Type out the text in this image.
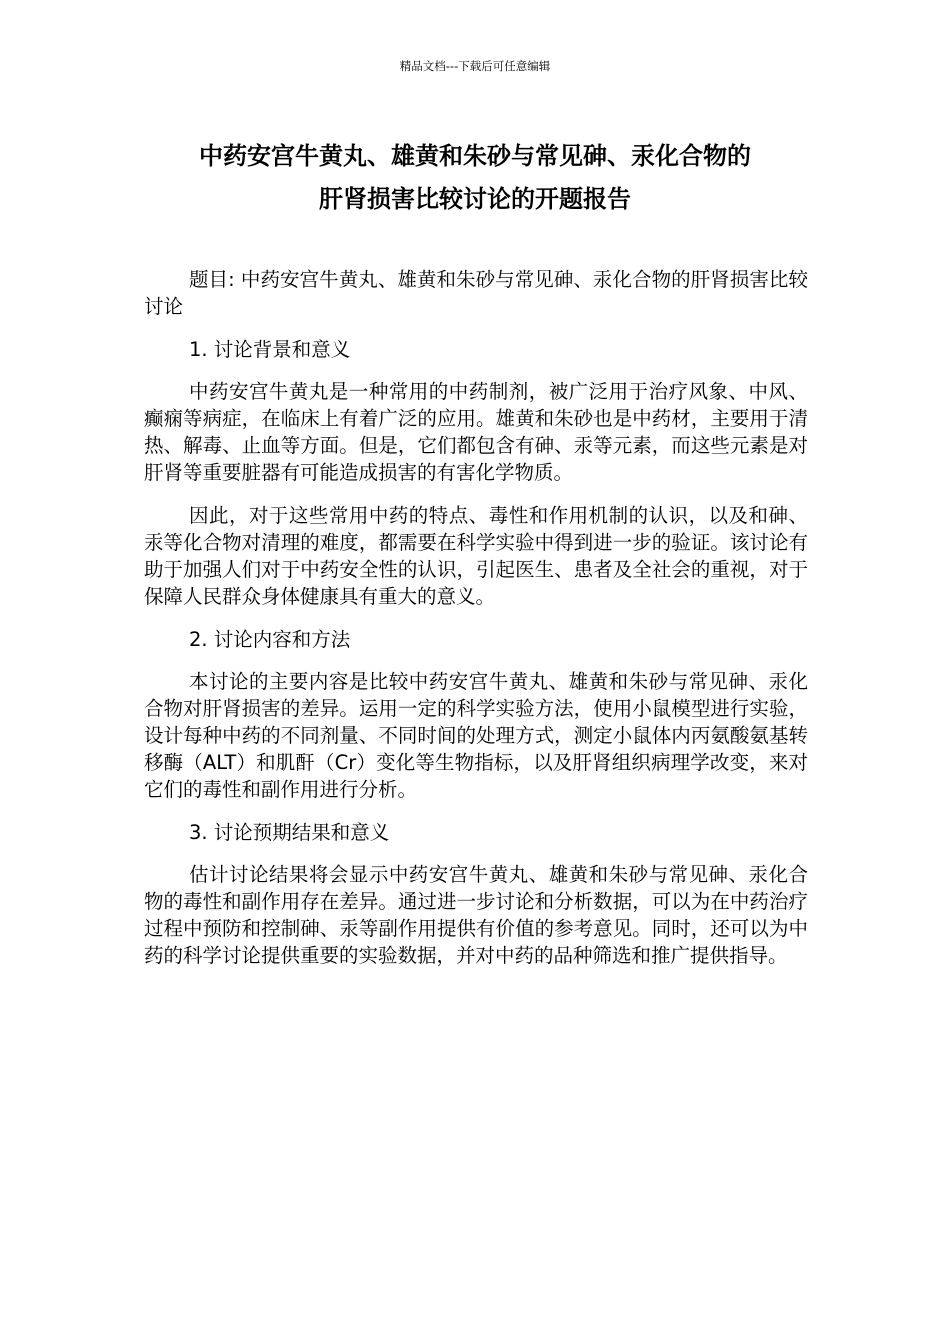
精品文档---下载后可任意编辑
中药安宫牛黄丸、雄黄和朱砂与常见砷、汞化合物的
肝肾损害比较讨论的开题报告

题目: 中药安宫牛黄丸、雄黄和朱砂与常见砷、汞化合物的肝肾损害比较讨论

1. 讨论背景和意义

中药安宫牛黄丸是一种常用的中药制剂，被广泛用于治疗风象、中风、癫痫等病症，在临床上有着广泛的应用。雄黄和朱砂也是中药材，主要用于清热、解毒、止血等方面。但是，它们都包含有砷、汞等元素，而这些元素是对肝肾等重要脏器有可能造成损害的有害化学物质。

因此，对于这些常用中药的特点、毒性和作用机制的认识，以及和砷、汞等化合物对清理的难度，都需要在科学实验中得到进一步的验证。该讨论有助于加强人们对于中药安全性的认识，引起医生、患者及全社会的重视，对于保障人民群众身体健康具有重大的意义。

2. 讨论内容和方法

本讨论的主要内容是比较中药安宫牛黄丸、雄黄和朱砂与常见砷、汞化合物对肝肾损害的差异。运用一定的科学实验方法，使用小鼠模型进行实验，设计每种中药的不同剂量、不同时间的处理方式，测定小鼠体内丙氨酸氨基转移酶（ALT）和肌酐（Cr）变化等生物指标，以及肝肾组织病理学改变，来对它们的毒性和副作用进行分析。

3. 讨论预期结果和意义

估计讨论结果将会显示中药安宫牛黄丸、雄黄和朱砂与常见砷、汞化合物的毒性和副作用存在差异。通过进一步讨论和分析数据，可以为在中药治疗过程中预防和控制砷、汞等副作用提供有价值的参考意见。同时，还可以为中药的科学讨论提供重要的实验数据，并对中药的品种筛选和推广提供指导。
